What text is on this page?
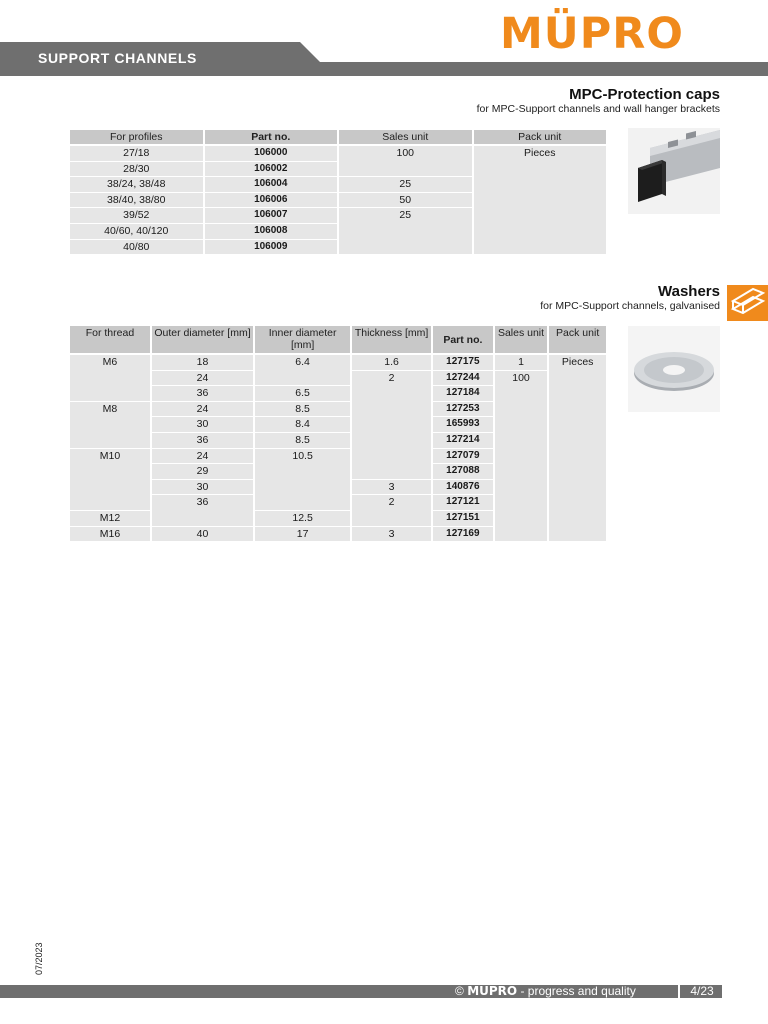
MÜPRO
SUPPORT CHANNELS
MPC-Protection caps
for MPC-Support channels and wall hanger brackets
For profiles	Part no.	Sales unit	Pack unit
27/18	106000	100	Pieces
28/30	106002		
38/24, 38/48	106004	25	
38/40, 38/80	106006	50	
39/52	106007	25	
40/60, 40/120	106008		
40/80	106009		
Washers
for MPC-Support channels, galvanised
For thread	Outer diameter [mm]	Inner diameter [mm]	Thickness [mm]	Part no.	Sales unit	Pack unit
M6	18	6.4	1.6	127175	1	Pieces
	24		2	127244	100	
	36	6.5		127184		
M8	24	8.5		127253		
	30	8.4		165993		
	36	8.5		127214		
M10	24	10.5		127079		
	29			127088		
	30		3	140876		
	36		2	127121		
M12		12.5		127151		
M16	40	17	3	127169		
07/2023
© MÜPRO - progress and quality	4/23
